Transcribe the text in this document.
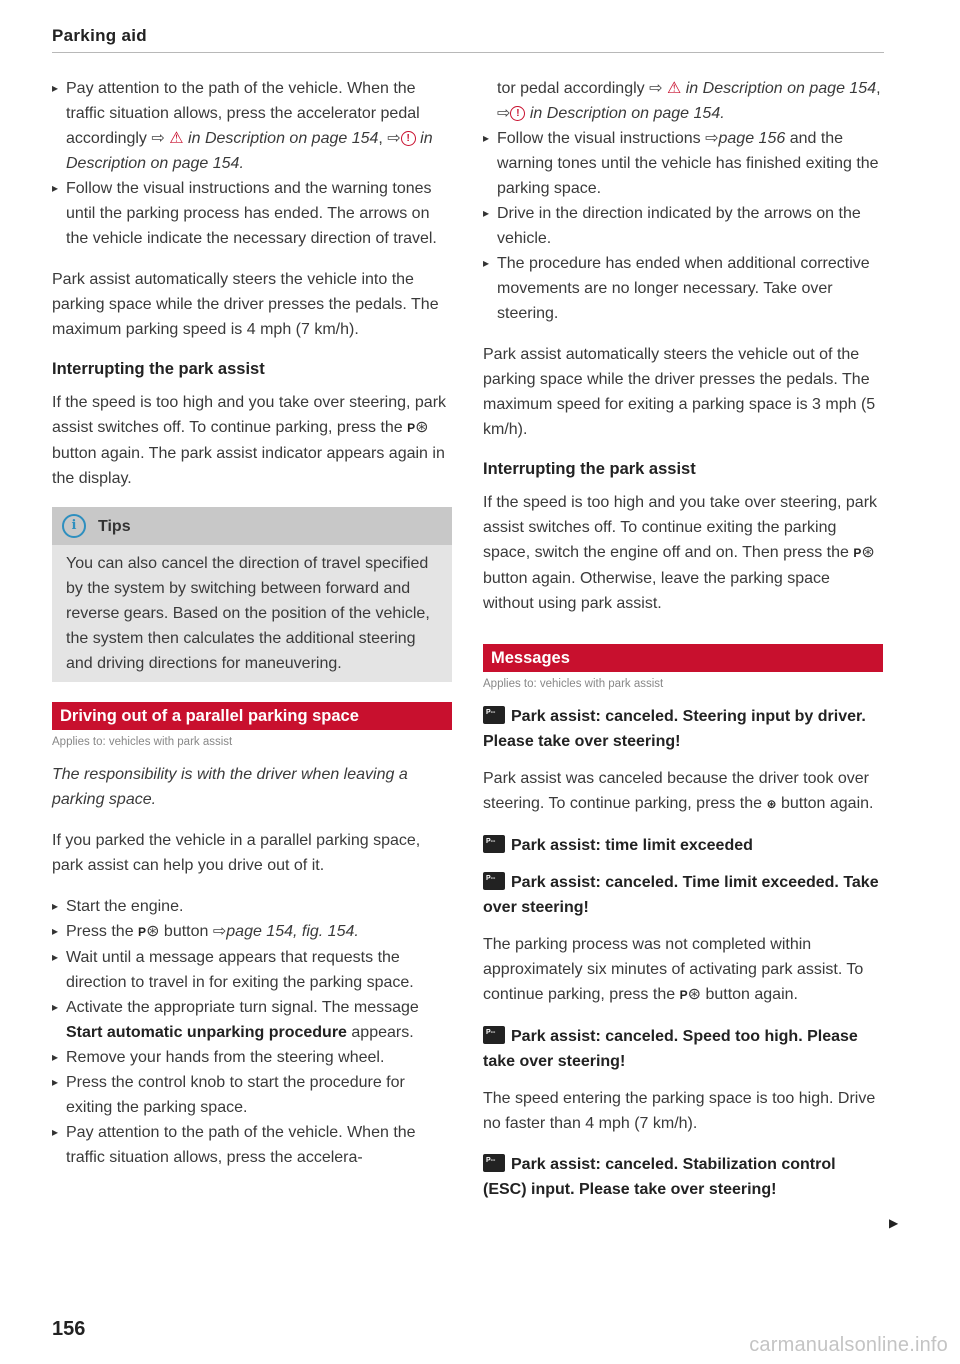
Parking aid
▸ Pay attention to the path of the vehicle. When the traffic situation allows, press the accelerator pedal accordingly ⇨ ⚠ in Description on page 154, ⇨ ! in Description on page 154.
▸ Follow the visual instructions and the warning tones until the parking process has ended. The arrows on the vehicle indicate the necessary direction of travel.

Park assist automatically steers the vehicle into the parking space while the driver presses the pedals. The maximum parking speed is 4 mph (7 km/h).

Interrupting the park assist

If the speed is too high and you take over steering, park assist switches off. To continue parking, press the P⊛ button again. The park assist indicator appears again in the display.

i	Tips
You can also cancel the direction of travel specified by the system by switching between forward and reverse gears. Based on the position of the vehicle, the system then calculates the additional steering and driving directions for maneuvering.
Driving out of a parallel parking space
Applies to: vehicles with park assist

The responsibility is with the driver when leaving a parking space.

If you parked the vehicle in a parallel parking space, park assist can help you drive out of it.

▸ Start the engine.
▸ Press the P⊛ button ⇨page 154, fig. 154.
▸ Wait until a message appears that requests the direction to travel in for exiting the parking space.
▸ Activate the appropriate turn signal. The message Start automatic unparking procedure appears.
▸ Remove your hands from the steering wheel.
▸ Press the control knob to start the procedure for exiting the parking space.
▸ Pay attention to the path of the vehicle. When the traffic situation allows, press the accelera-

tor pedal accordingly ⇨ ⚠ in Description on page 154, ⇨ ! in Description on page 154.

▸ Follow the visual instructions ⇨page 156 and the warning tones until the vehicle has finished exiting the parking space.
▸ Drive in the direction indicated by the arrows on the vehicle.
▸ The procedure has ended when additional corrective movements are no longer necessary. Take over steering.

Park assist automatically steers the vehicle out of the parking space while the driver presses the pedals. The maximum speed for exiting a parking space is 3 mph (5 km/h).

Interrupting the park assist

If the speed is too high and you take over steering, park assist switches off. To continue exiting the parking space, switch the engine off and on. Then press the P⊛ button again. Otherwise, leave the parking space without using park assist.

Messages
Applies to: vehicles with park assist

P--Park assist: canceled. Steering input by driver. Please take over steering!

Park assist was canceled because the driver took over steering. To continue parking, press the ⊛ button again.

P--Park assist: time limit exceeded

P--Park assist: canceled. Time limit exceeded. Take over steering!

The parking process was not completed within approximately six minutes of activating park assist. To continue parking, press the P⊛ button again.

P--Park assist: canceled. Speed too high. Please take over steering!

The speed entering the parking space is too high. Drive no faster than 4 mph (7 km/h).

P--Park assist: canceled. Stabilization control (ESC) input. Please take over steering!

▶
156
carmanualsonline.info
